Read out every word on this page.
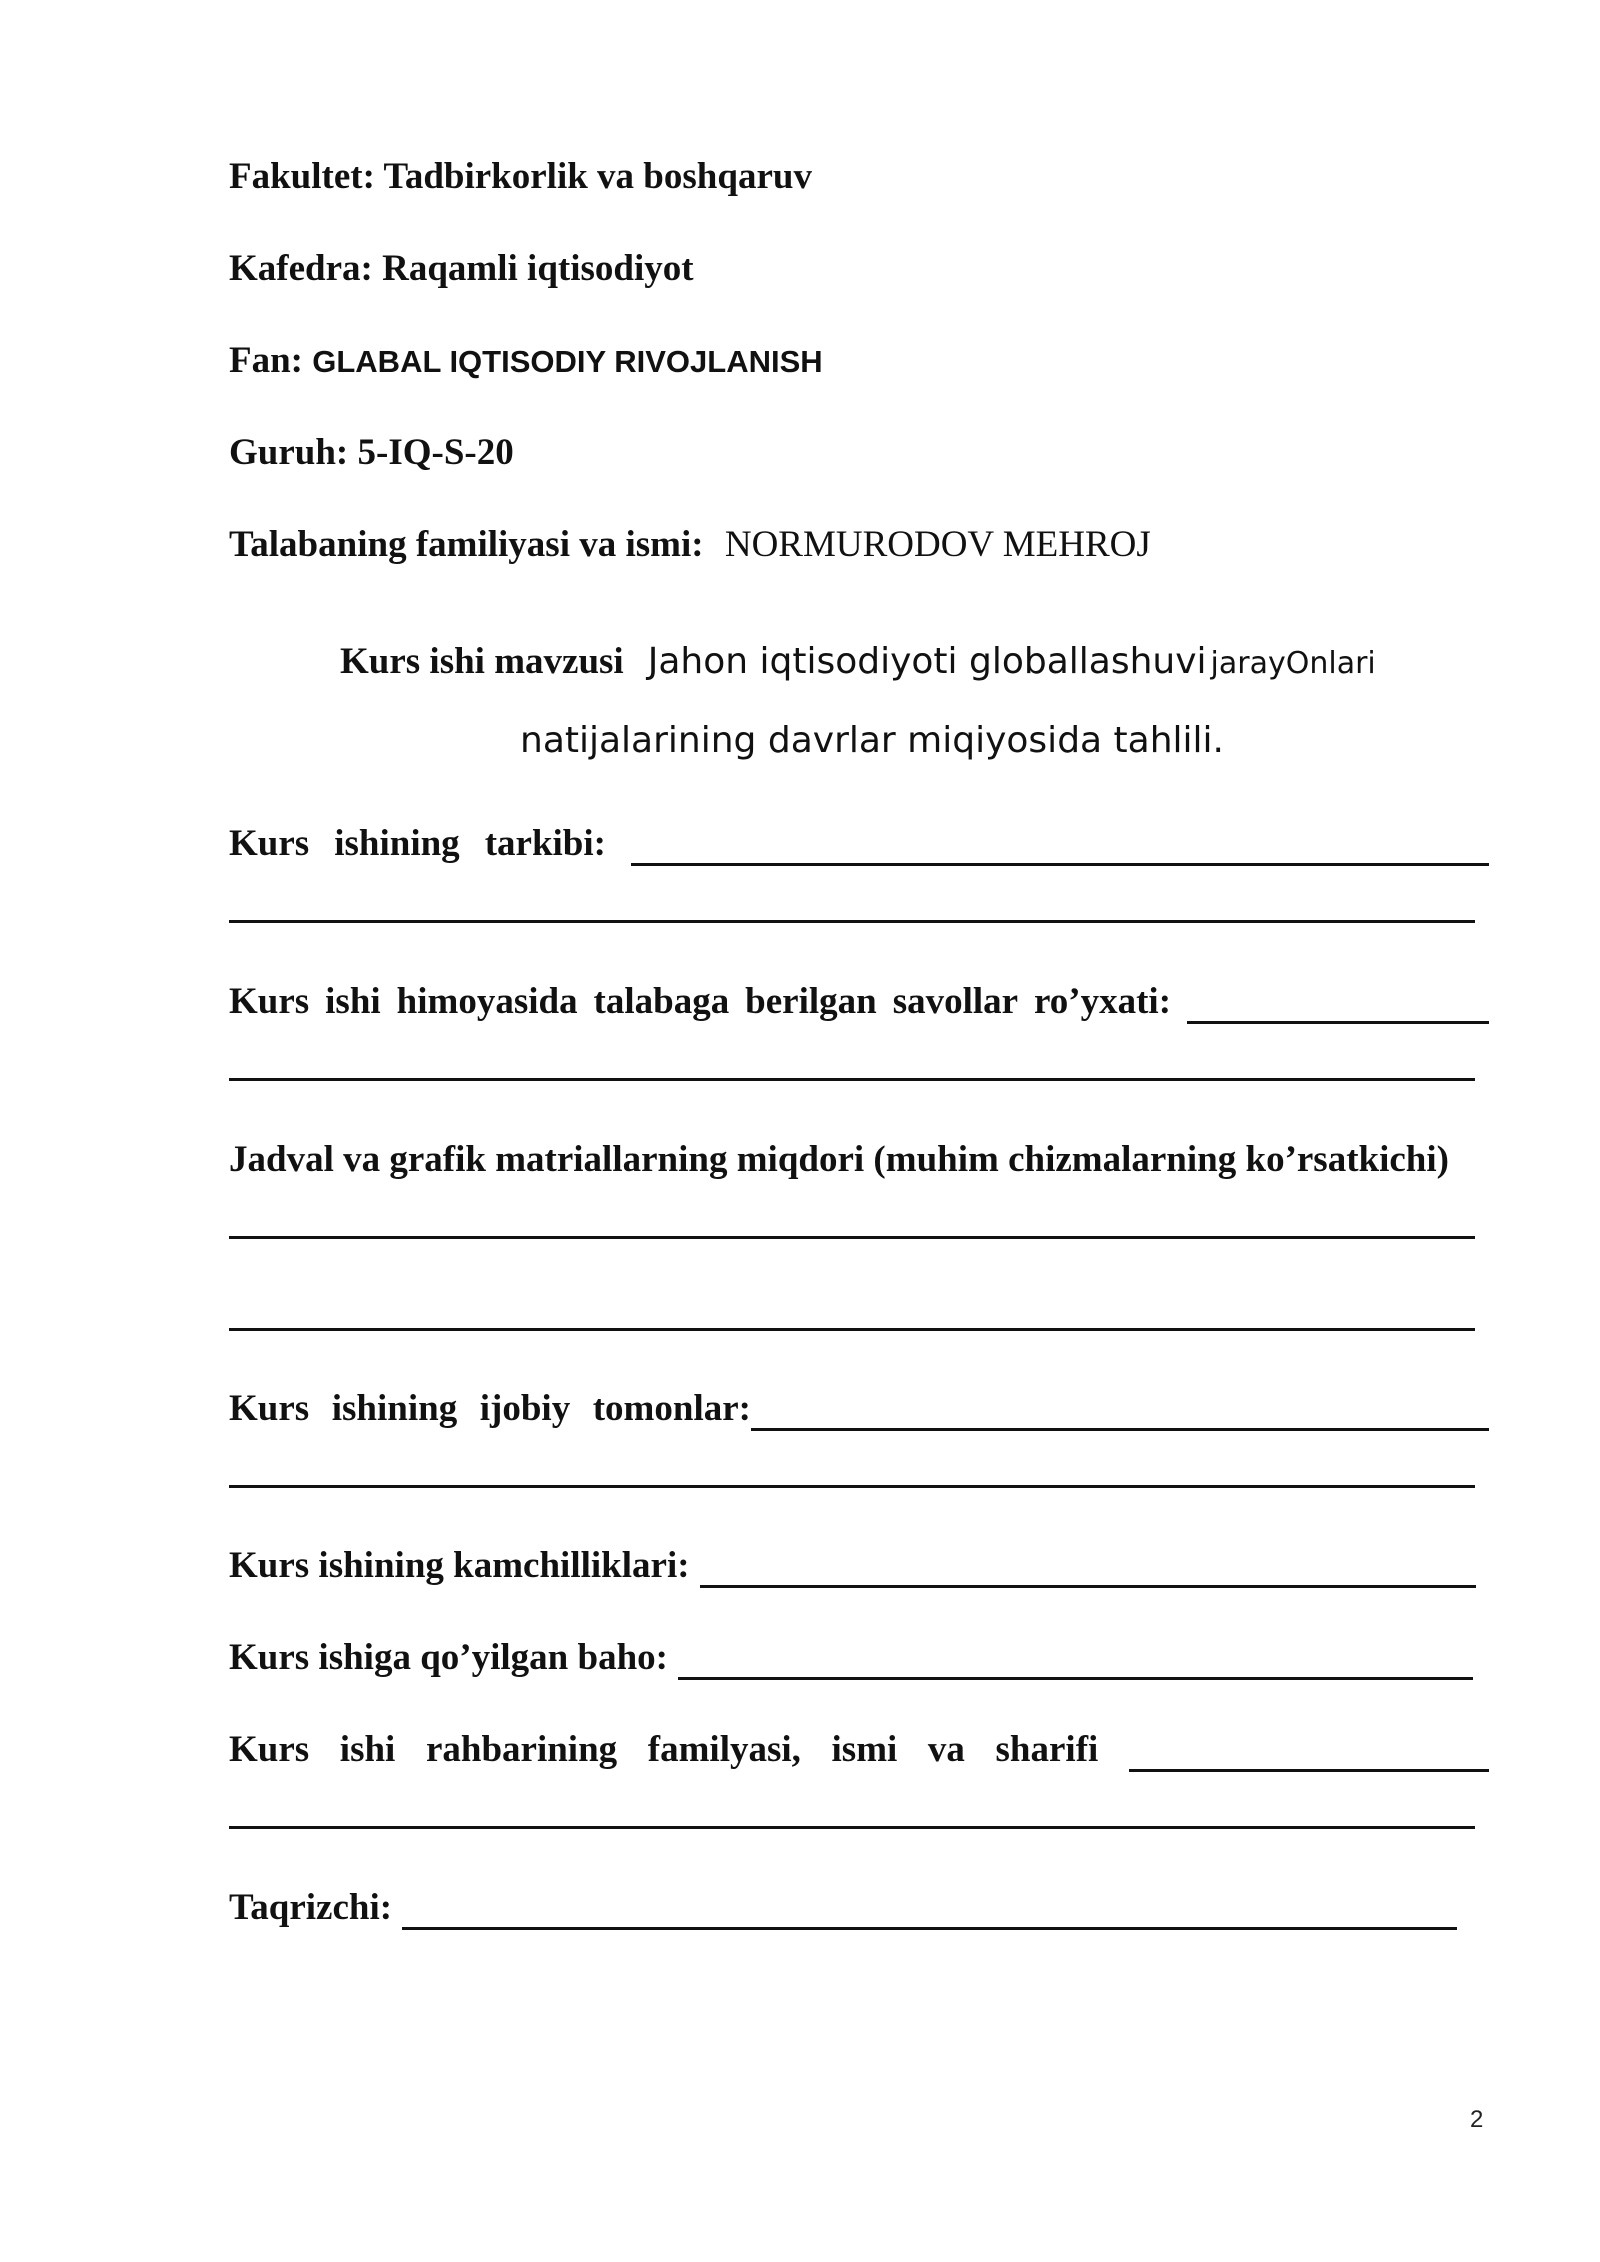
Fakultet: Tadbirkorlik va boshqaruv
Kafedra: Raqamli iqtisodiyot
Fan: GLABAL IQTISODIY RIVOJLANISH
Guruh: 5-IQ-S-20
Talabaning familiyasi va ismi: NORMURODOV MEHROJ
Kurs ishi mavzusi Jahon iqtisodiyoti globallashuvi jarayOnlari
natijalarining davrlar miqiyosida tahlili.
Kurs ishining tarkibi:
Kurs ishi himoyasida talabaga berilgan savollar ro’yxati:
Jadval va grafik matriallarning miqdori (muhim chizmalarning ko’rsatkichi)
Kurs ishining ijobiy tomonlar:
Kurs ishining kamchilliklari:
Kurs ishiga qo’yilgan baho:
Kurs ishi rahbarining familyasi, ismi va sharifi
Taqrizchi:
2
